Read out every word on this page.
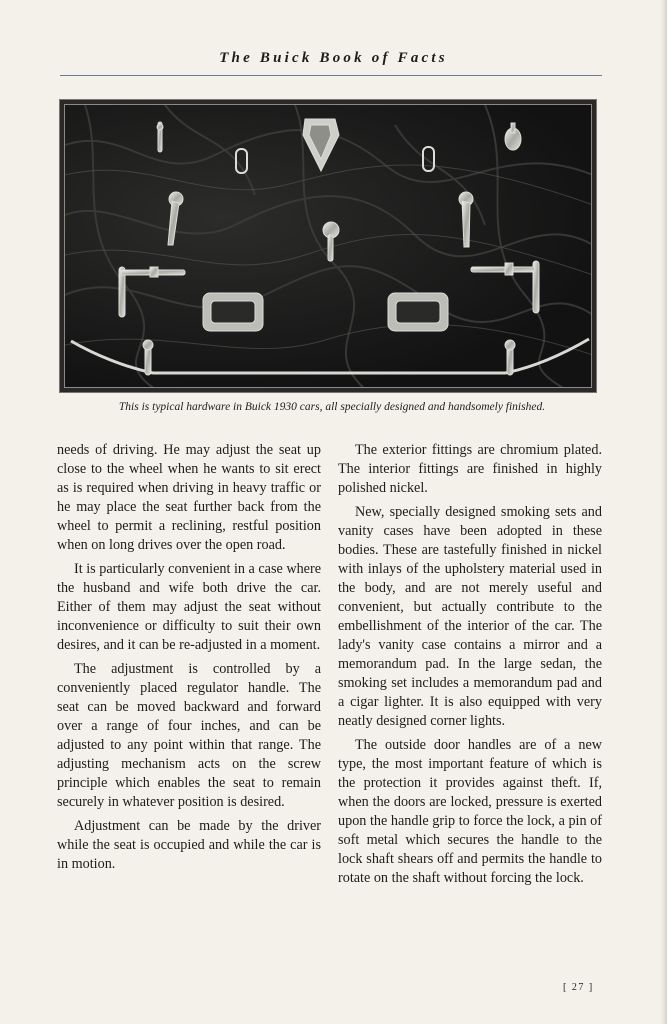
The Buick Book of Facts
This is typical hardware in Buick 1930 cars, all specially designed and handsomely finished.

needs of driving. He may adjust the seat up close to the wheel when he wants to sit erect as is required when driving in heavy traffic or he may place the seat further back from the wheel to permit a reclining, restful position when on long drives over the open road.

It is particularly convenient in a case where the husband and wife both drive the car. Either of them may adjust the seat without inconvenience or difficulty to suit their own desires, and it can be re-adjusted in a moment.

The adjustment is controlled by a conveniently placed regulator handle. The seat can be moved backward and forward over a range of four inches, and can be adjusted to any point within that range. The adjusting mechanism acts on the screw principle which enables the seat to remain securely in whatever position is desired.

Adjustment can be made by the driver while the seat is occupied and while the car is in motion.

The exterior fittings are chromium plated. The interior fittings are finished in highly polished nickel.

New, specially designed smoking sets and vanity cases have been adopted in these bodies. These are tastefully finished in nickel with inlays of the upholstery material used in the body, and are not merely useful and convenient, but actually contribute to the embellishment of the interior of the car. The lady's vanity case contains a mirror and a memorandum pad. In the large sedan, the smoking set includes a memorandum pad and a cigar lighter. It is also equipped with very neatly designed corner lights.

The outside door handles are of a new type, the most important feature of which is the protection it provides against theft. If, when the doors are locked, pressure is exerted upon the handle grip to force the lock, a pin of soft metal which secures the handle to the lock shaft shears off and permits the handle to rotate on the shaft without forcing the lock.

[ 27 ]
